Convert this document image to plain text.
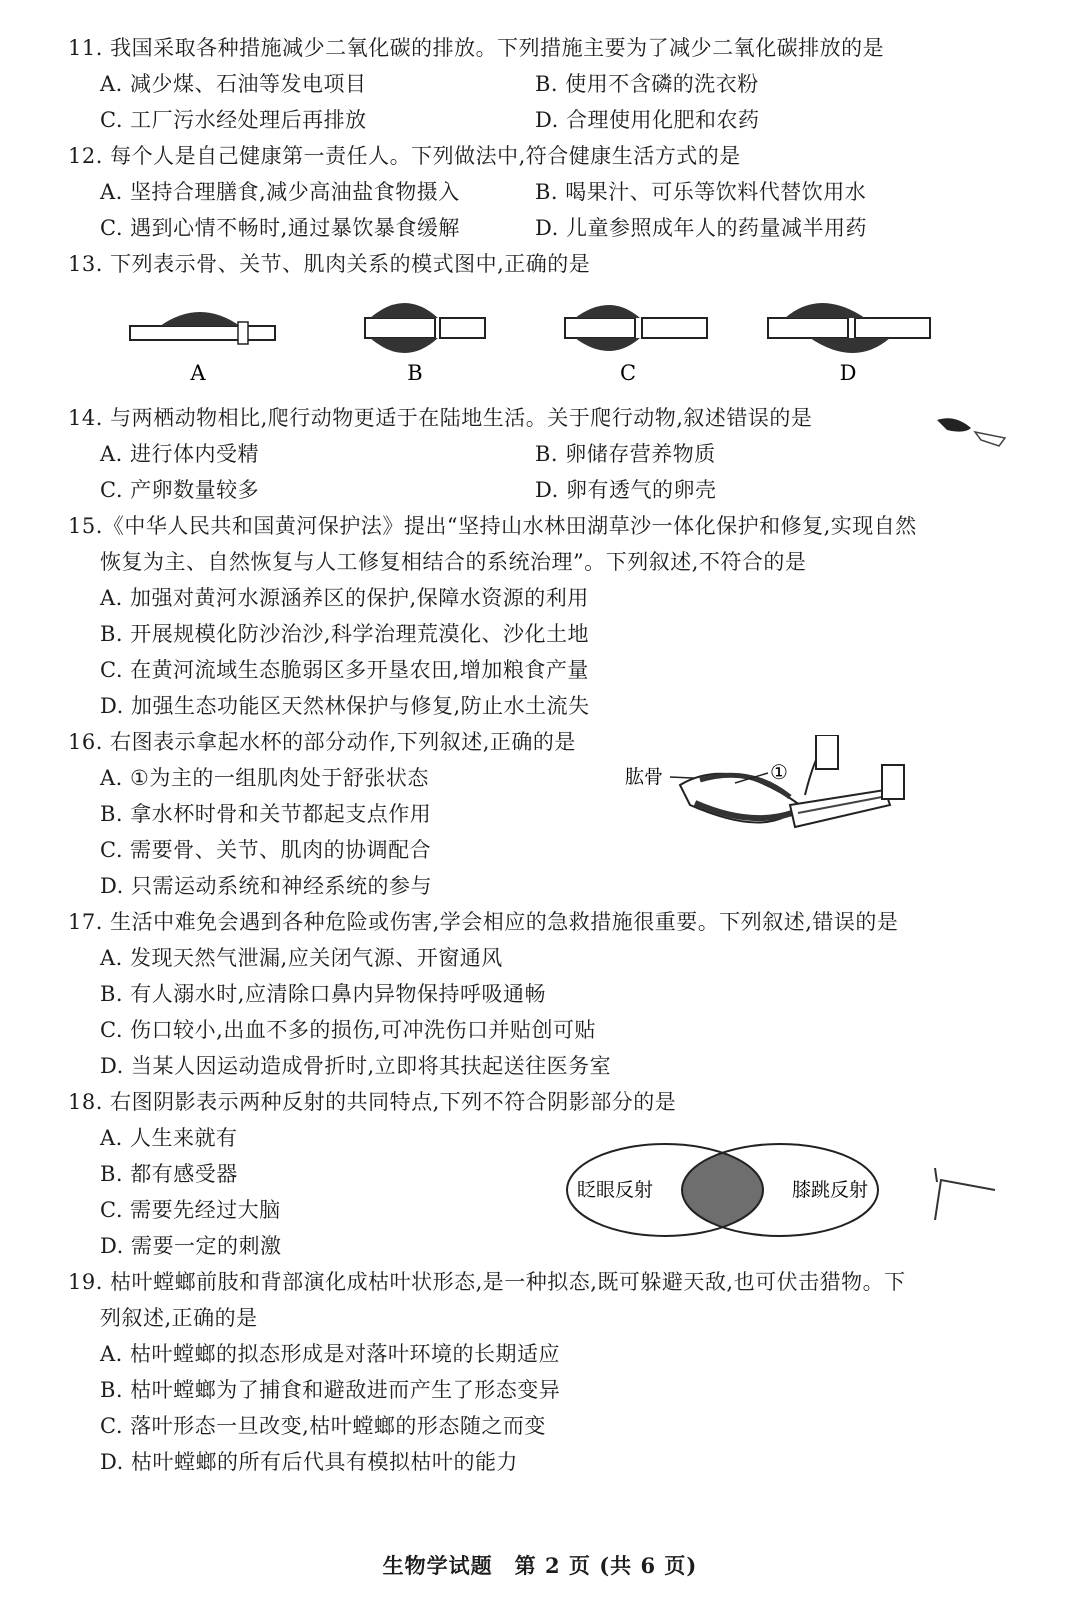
11. 我国采取各种措施减少二氧化碳的排放。下列措施主要为了减少二氧化碳排放的是
A. 减少煤、石油等发电项目	B. 使用不含磷的洗衣粉
C. 工厂污水经处理后再排放	D. 合理使用化肥和农药
12. 每个人是自己健康第一责任人。下列做法中,符合健康生活方式的是
A. 坚持合理膳食,减少高油盐食物摄入	B. 喝果汁、可乐等饮料代替饮用水
C. 遇到心情不畅时,通过暴饮暴食缓解	D. 儿童参照成年人的药量减半用药
13. 下列表示骨、关节、肌肉关系的模式图中,正确的是
A	B	C	D
14. 与两栖动物相比,爬行动物更适于在陆地生活。关于爬行动物,叙述错误的是
A. 进行体内受精	B. 卵储存营养物质
C. 产卵数量较多	D. 卵有透气的卵壳
15.《中华人民共和国黄河保护法》提出“坚持山水林田湖草沙一体化保护和修复,实现自然
恢复为主、自然恢复与人工修复相结合的系统治理”。下列叙述,不符合的是
A. 加强对黄河水源涵养区的保护,保障水资源的利用
B. 开展规模化防沙治沙,科学治理荒漠化、沙化土地
C. 在黄河流域生态脆弱区多开垦农田,增加粮食产量
D. 加强生态功能区天然林保护与修复,防止水土流失
16. 右图表示拿起水杯的部分动作,下列叙述,正确的是
A. ①为主的一组肌肉处于舒张状态
B. 拿水杯时骨和关节都起支点作用
C. 需要骨、关节、肌肉的协调配合
D. 只需运动系统和神经系统的参与
肱骨	①
17. 生活中难免会遇到各种危险或伤害,学会相应的急救措施很重要。下列叙述,错误的是
A. 发现天然气泄漏,应关闭气源、开窗通风
B. 有人溺水时,应清除口鼻内异物保持呼吸通畅
C. 伤口较小,出血不多的损伤,可冲洗伤口并贴创可贴
D. 当某人因运动造成骨折时,立即将其扶起送往医务室
18. 右图阴影表示两种反射的共同特点,下列不符合阴影部分的是
A. 人生来就有
B. 都有感受器
C. 需要先经过大脑
D. 需要一定的刺激
眨眼反射	膝跳反射
19. 枯叶螳螂前肢和背部演化成枯叶状形态,是一种拟态,既可躲避天敌,也可伏击猎物。下
列叙述,正确的是
A. 枯叶螳螂的拟态形成是对落叶环境的长期适应
B. 枯叶螳螂为了捕食和避敌进而产生了形态变异
C. 落叶形态一旦改变,枯叶螳螂的形态随之而变
D. 枯叶螳螂的所有后代具有模拟枯叶的能力
生物学试题　第 2 页 (共 6 页)
